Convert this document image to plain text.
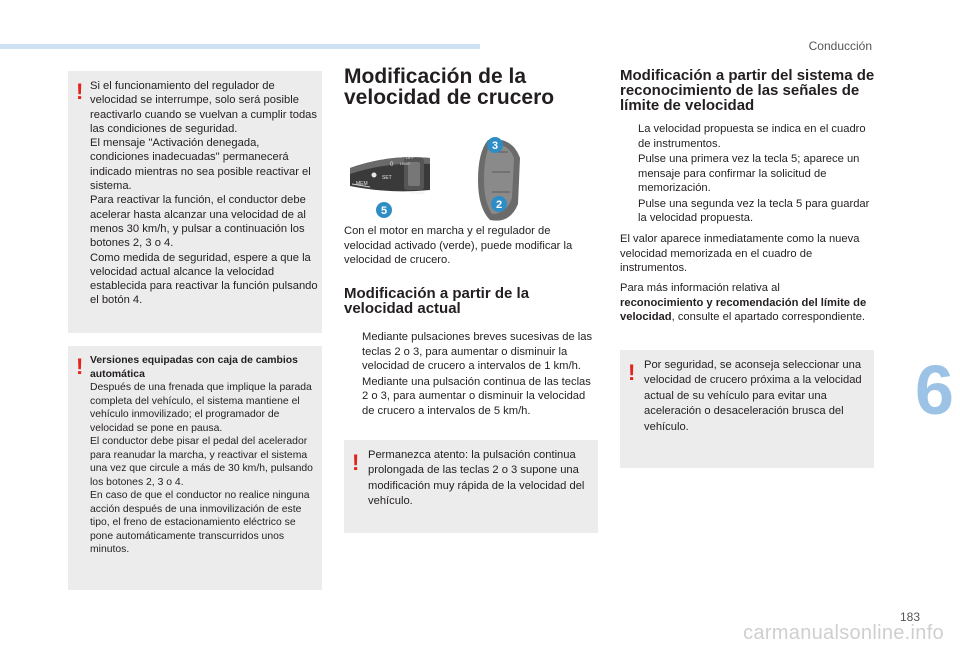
Conducción
! Si el funcionamiento del regulador de velocidad se interrumpe, solo será posible reactivarlo cuando se vuelvan a cumplir todas las condiciones de seguridad.

El mensaje "Activación denegada, condiciones inadecuadas" permanecerá indicado mientras no sea posible reactivar el sistema.

Para reactivar la función, el conductor debe acelerar hasta alcanzar una velocidad de al menos 30 km/h, y pulsar a continuación los botones 2, 3 o 4.

Como medida de seguridad, espere a que la velocidad actual alcance la velocidad establecida para reactivar la función pulsando el botón 4.

! Versiones equipadas con caja de cambios automática

Después de una frenada que implique la parada completa del vehículo, el sistema mantiene el vehículo inmovilizado; el programador de velocidad se pone en pausa.

El conductor debe pisar el pedal del acelerador para reanudar la marcha, y reactivar el sistema una vez que circule a más de 30 km/h, pulsando los botones 2, 3 o 4.

En caso de que el conductor no realice ninguna acción después de una inmovilización de este tipo, el freno de estacionamiento eléctrico se pone automáticamente transcurridos unos minutos.

Modificación de la velocidad de crucero
MEM
SET
0
OFF
LIMIT
CRUISE
3
2
5
Con el motor en marcha y el regulador de velocidad activado (verde), puede modificar la velocidad de crucero.
Modificación a partir de la velocidad actual
Mediante pulsaciones breves sucesivas de las teclas 2 o 3, para aumentar o disminuir la velocidad de crucero a intervalos de 1 km/h.
Mediante una pulsación continua de las teclas 2 o 3, para aumentar o disminuir la velocidad de crucero a intervalos de 5 km/h.
! Permanezca atento: la pulsación continua prolongada de las teclas 2 o 3 supone una modificación muy rápida de la velocidad del vehículo.
Modificación a partir del sistema de reconocimiento de las señales de límite de velocidad
La velocidad propuesta se indica en el cuadro de instrumentos.
Pulse una primera vez la tecla 5; aparece un mensaje para confirmar la solicitud de memorización.
Pulse una segunda vez la tecla 5 para guardar la velocidad propuesta.
El valor aparece inmediatamente como la nueva velocidad memorizada en el cuadro de instrumentos.
Para más información relativa al
reconocimiento y recomendación del límite de velocidad, consulte el apartado correspondiente.
! Por seguridad, se aconseja seleccionar una velocidad de crucero próxima a la velocidad actual de su vehículo para evitar una aceleración o desaceleración brusca del vehículo.	6
183
carmanualsonline.info
